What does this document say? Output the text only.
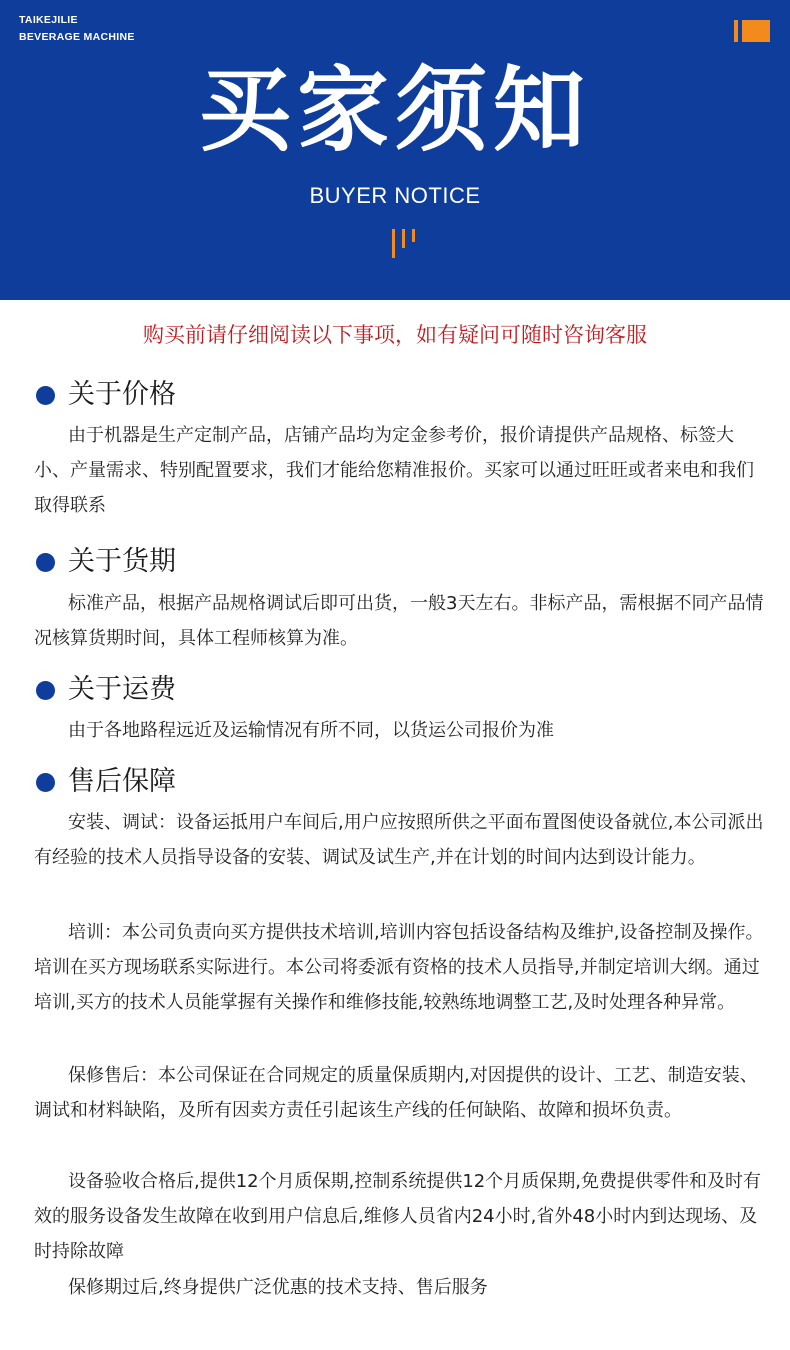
TAIKEJILIE
BEVERAGE MACHINE
买家须知
BUYER NOTICE
购买前请仔细阅读以下事项，如有疑问可随时咨询客服
关于价格

由于机器是生产定制产品，店铺产品均为定金参考价，报价请提供产品规格、标签大小、产量需求、特别配置要求，我们才能给您精准报价。买家可以通过旺旺或者来电和我们取得联系

关于货期

标准产品，根据产品规格调试后即可出货，一般3天左右。非标产品，需根据不同产品情况核算货期时间，具体工程师核算为准。

关于运费

由于各地路程远近及运输情况有所不同，以货运公司报价为准

售后保障

安装、调试：设备运抵用户车间后,用户应按照所供之平面布置图使设备就位,本公司派出有经验的技术人员指导设备的安装、调试及试生产,并在计划的时间内达到设计能力。

培训：本公司负责向买方提供技术培训,培训内容包括设备结构及维护,设备控制及操作。培训在买方现场联系实际进行。本公司将委派有资格的技术人员指导,并制定培训大纲。通过培训,买方的技术人员能掌握有关操作和维修技能,较熟练地调整工艺,及时处理各种异常。

保修售后：本公司保证在合同规定的质量保质期内,对因提供的设计、工艺、制造安装、调试和材料缺陷，及所有因卖方责任引起该生产线的任何缺陷、故障和损坏负责。

设备验收合格后,提供12个月质保期,控制系统提供12个月质保期,免费提供零件和及时有效的服务设备发生故障在收到用户信息后,维修人员省内24小时,省外48小时内到达现场、及时持除故障

保修期过后,终身提供广泛优惠的技术支持、售后服务
